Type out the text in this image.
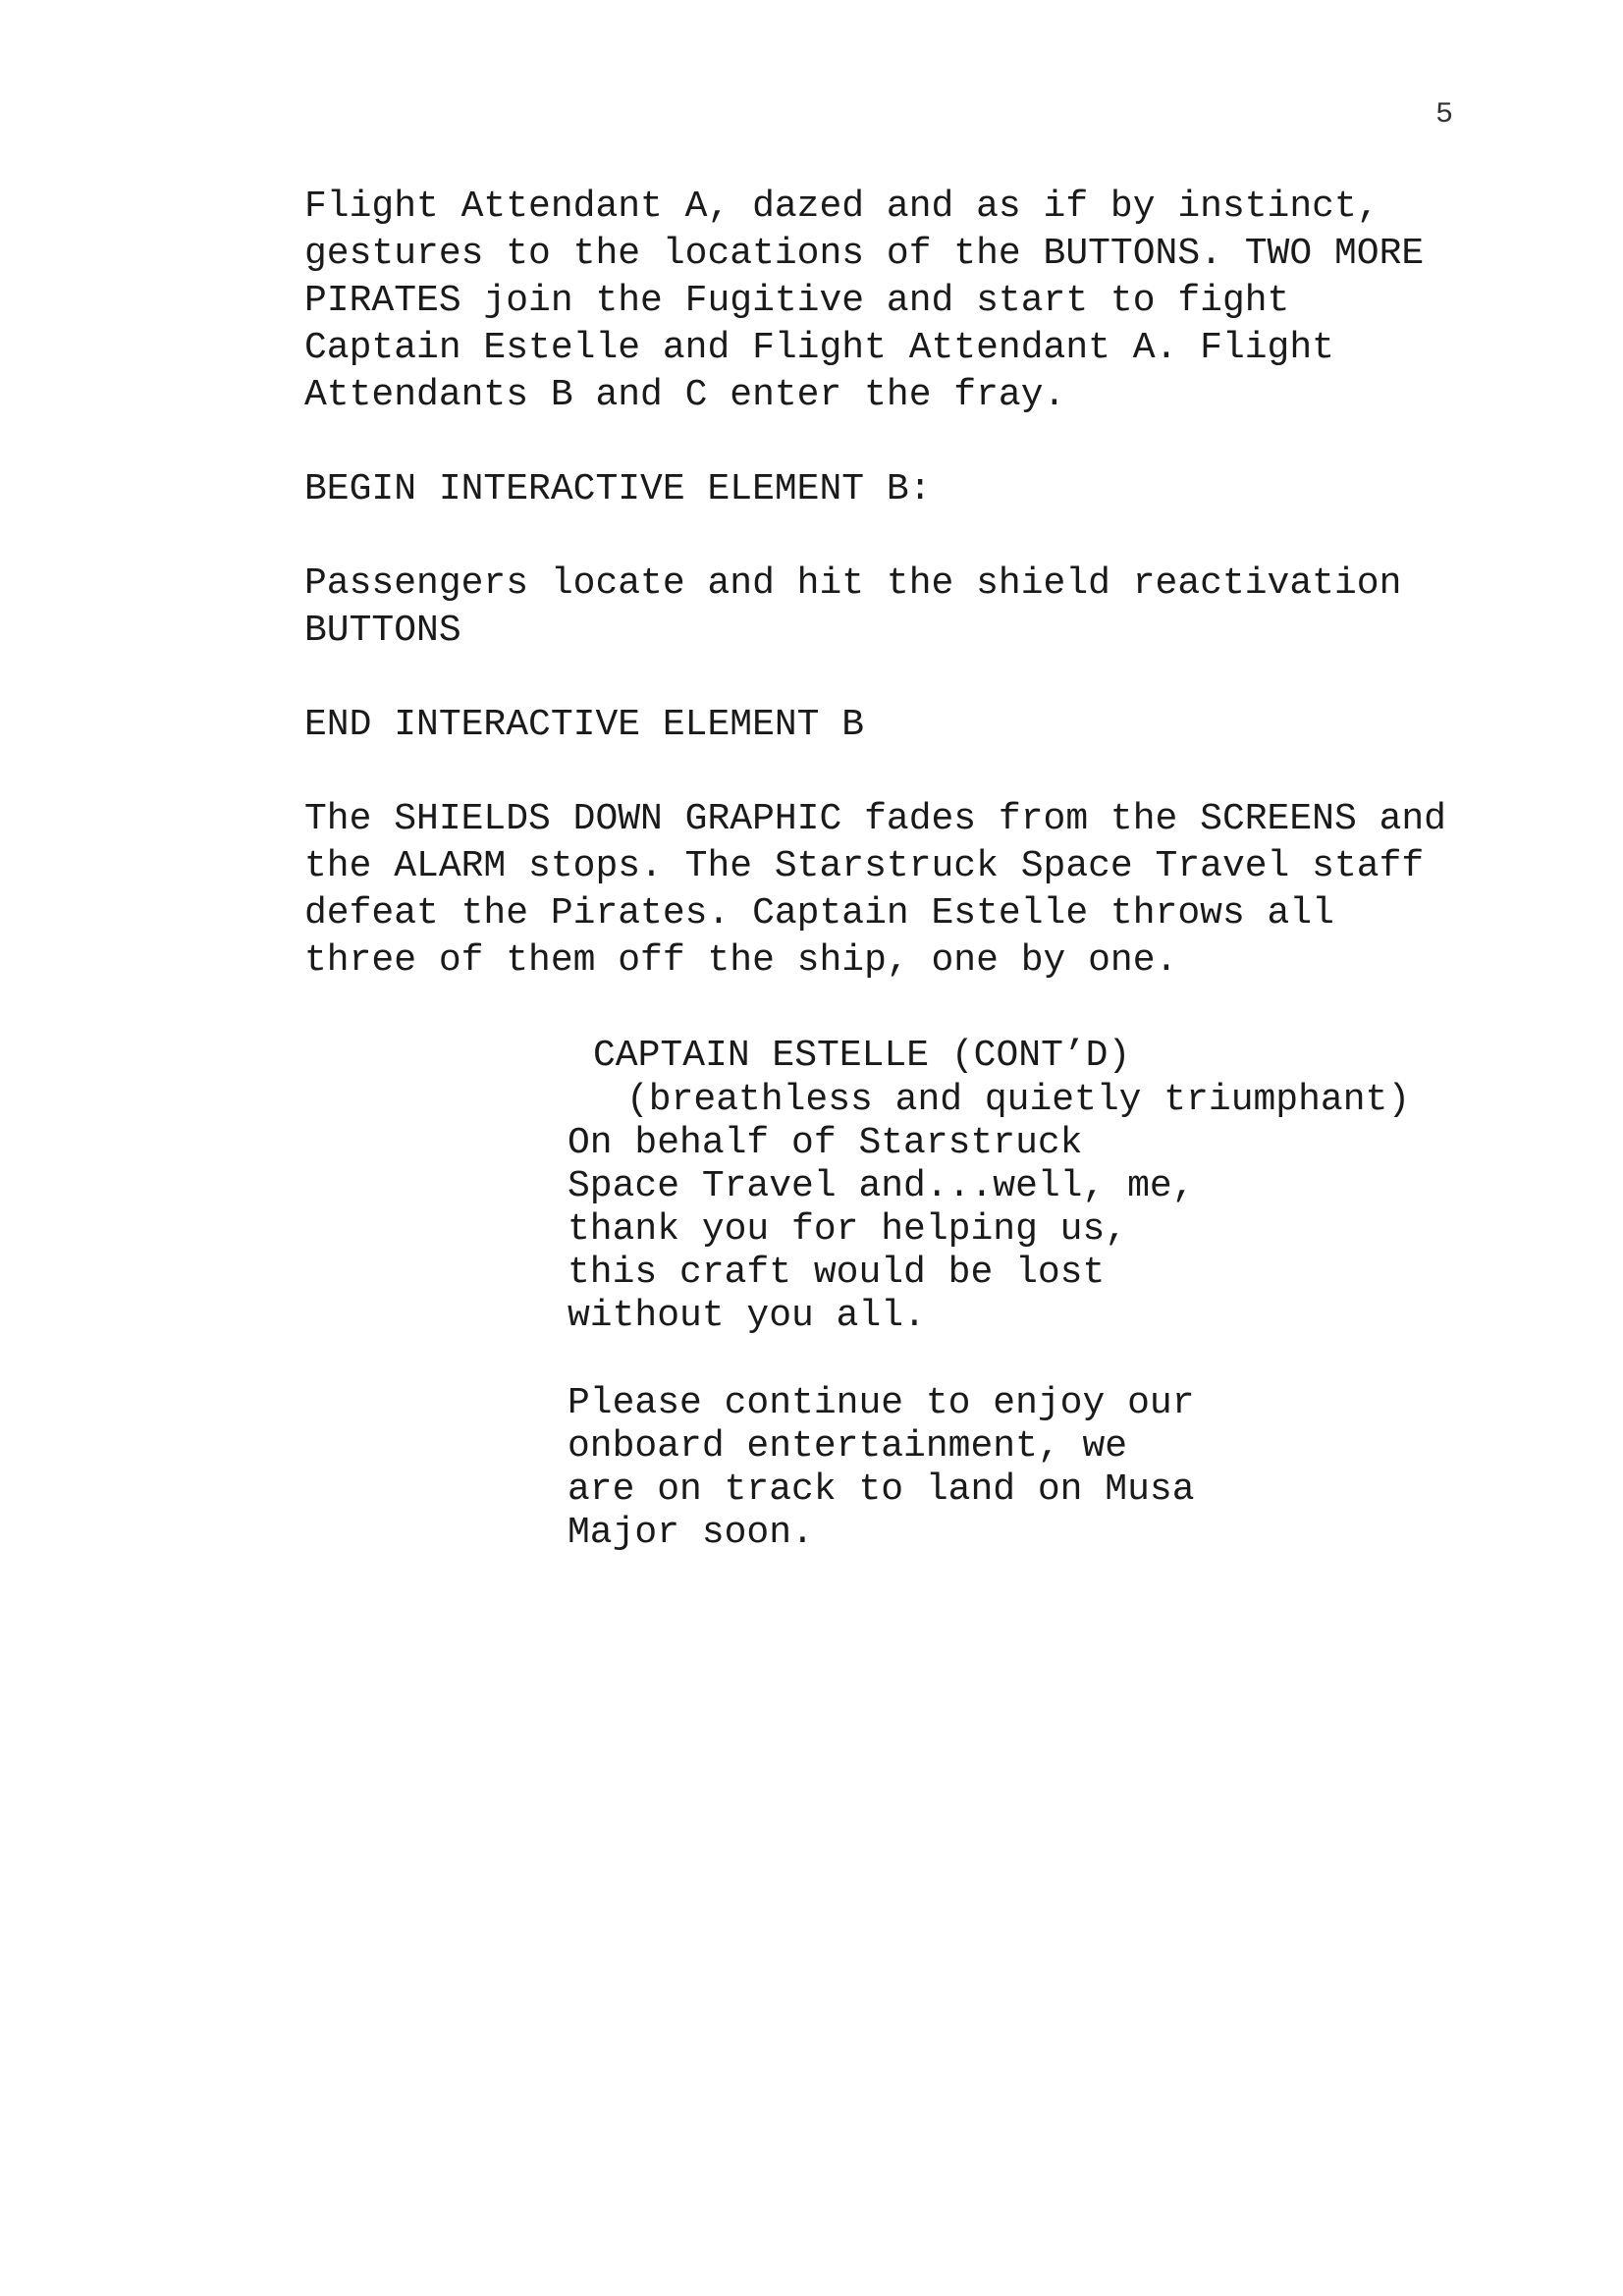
5

Flight Attendant A, dazed and as if by instinct,
gestures to the locations of the BUTTONS. TWO MORE
PIRATES join the Fugitive and start to fight
Captain Estelle and Flight Attendant A. Flight
Attendants B and C enter the fray.

BEGIN INTERACTIVE ELEMENT B:

Passengers locate and hit the shield reactivation
BUTTONS

END INTERACTIVE ELEMENT B

The SHIELDS DOWN GRAPHIC fades from the SCREENS and
the ALARM stops. The Starstruck Space Travel staff
defeat the Pirates. Captain Estelle throws all
three of them off the ship, one by one.

CAPTAIN ESTELLE (CONT’D)

(breathless and quietly triumphant)

On behalf of Starstruck
Space Travel and...well, me,
thank you for helping us,
this craft would be lost
without you all.

Please continue to enjoy our
onboard entertainment, we
are on track to land on Musa
Major soon.
